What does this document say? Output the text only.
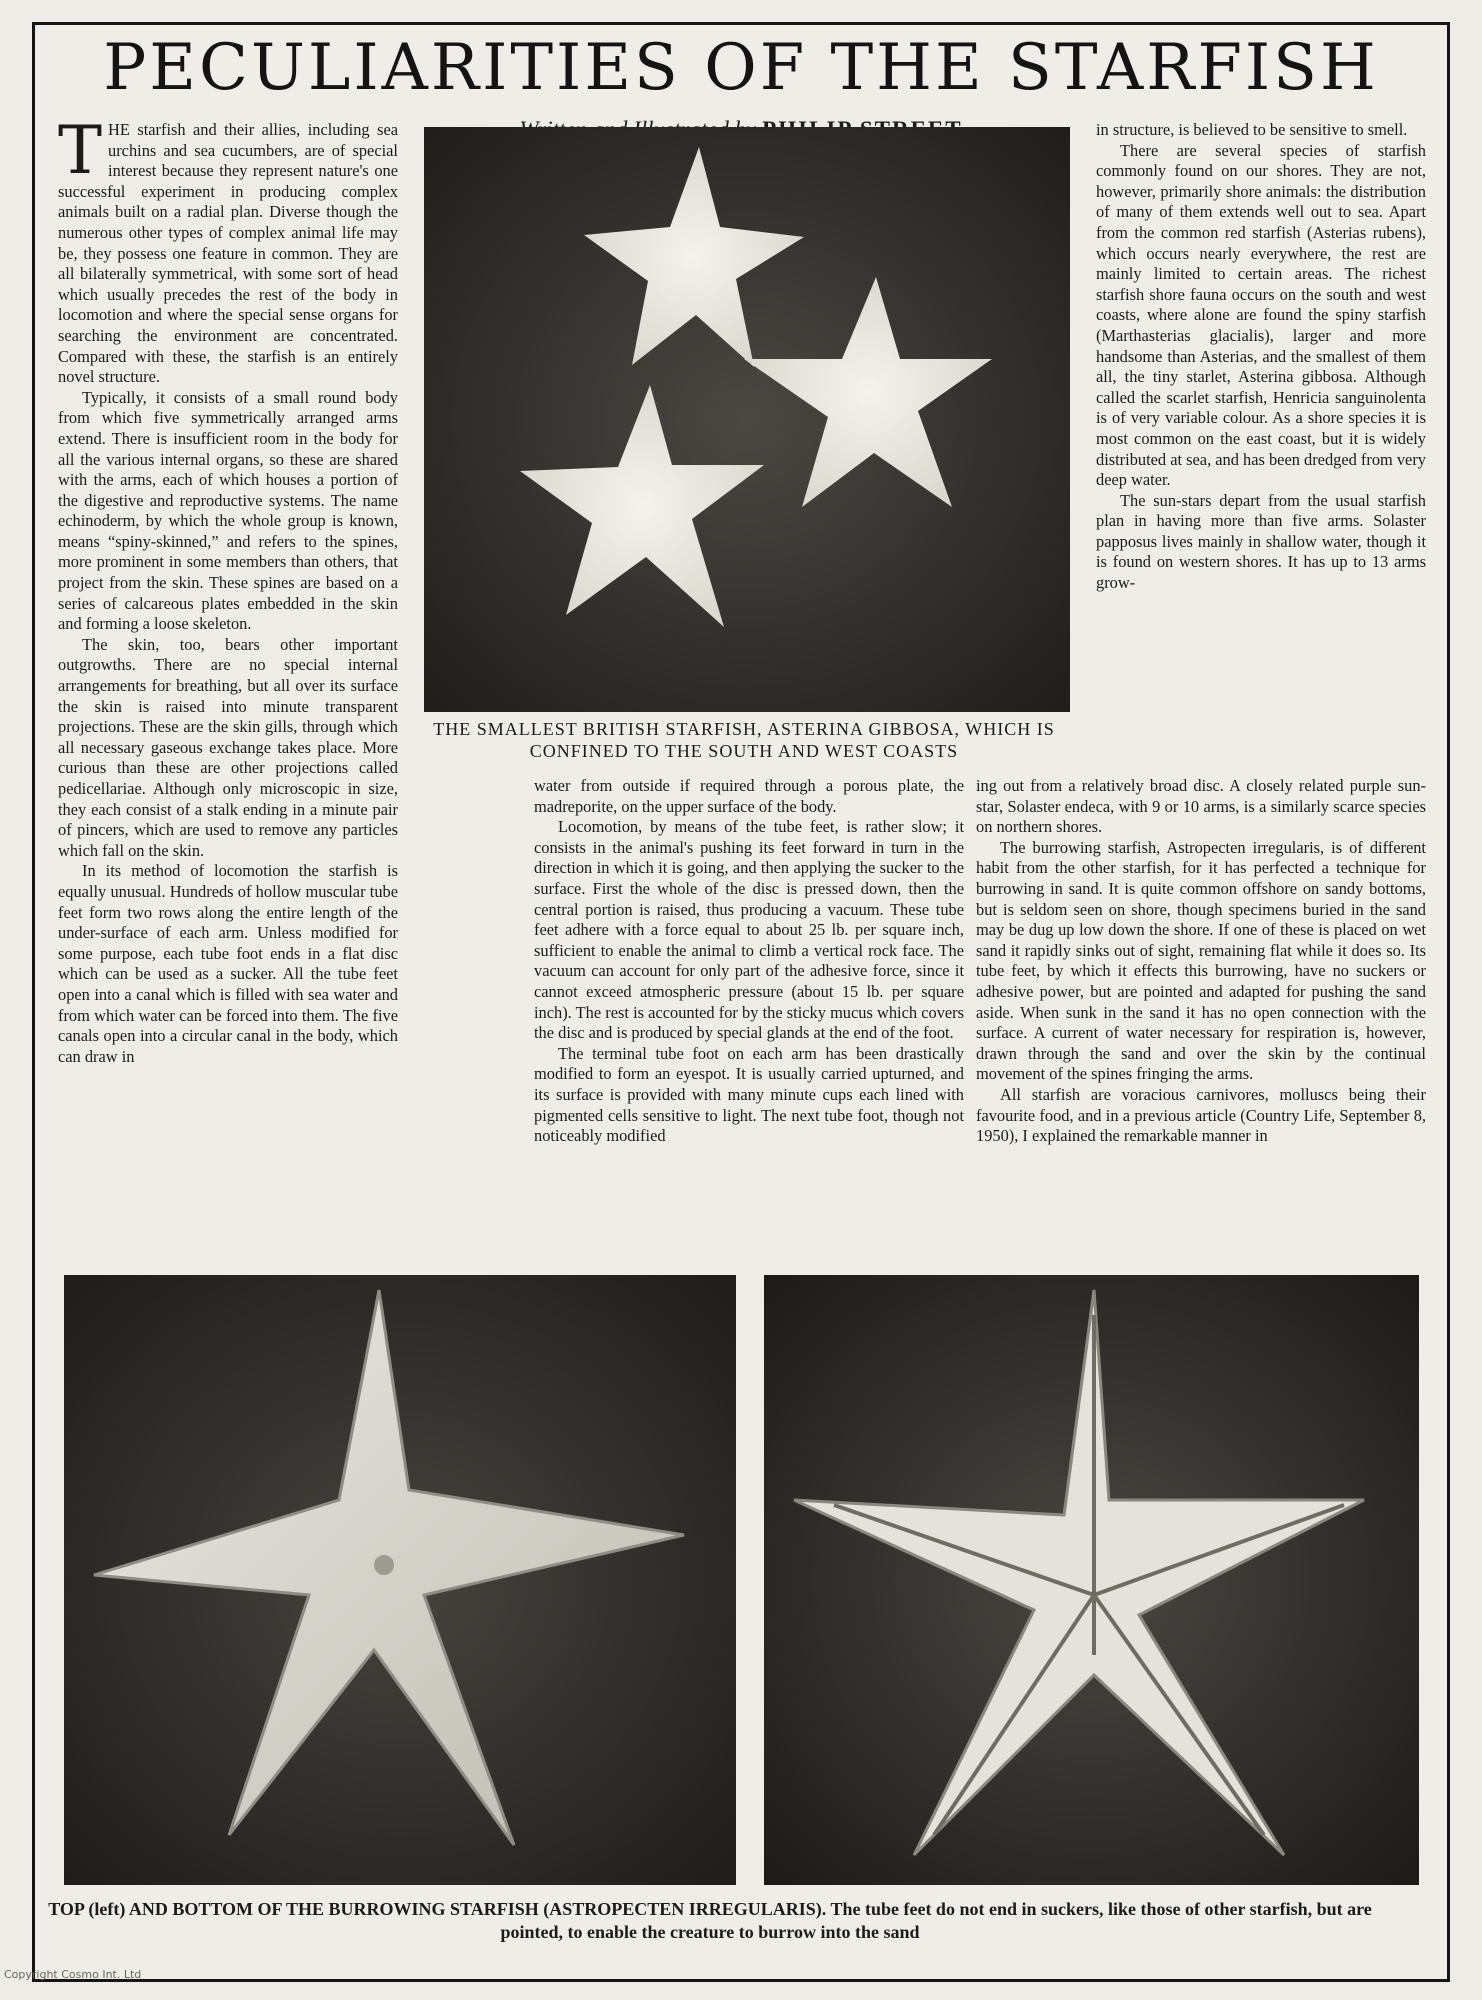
PECULIARITIES OF THE STARFISH

THE starfish and their allies, including sea urchins and sea cucumbers, are of special interest because they represent nature's one successful experiment in producing complex animals built on a radial plan. Diverse though the numerous other types of complex animal life may be, they possess one feature in common. They are all bilaterally symmetrical, with some sort of head which usually precedes the rest of the body in locomotion and where the special sense organs for searching the environment are concentrated. Compared with these, the starfish is an entirely novel structure.

Typically, it consists of a small round body from which five symmetrically arranged arms extend. There is insufficient room in the body for all the various internal organs, so these are shared with the arms, each of which houses a portion of the digestive and reproductive systems. The name echinoderm, by which the whole group is known, means “spiny-skinned,” and refers to the spines, more prominent in some members than others, that project from the skin. These spines are based on a series of calcareous plates embedded in the skin and forming a loose skeleton.

The skin, too, bears other important outgrowths. There are no special internal arrangements for breathing, but all over its surface the skin is raised into minute transparent projections. These are the skin gills, through which all necessary gaseous exchange takes place. More curious than these are other projections called pedicellariae. Although only microscopic in size, they each consist of a stalk ending in a minute pair of pincers, which are used to remove any particles which fall on the skin.

In its method of locomotion the starfish is equally unusual. Hundreds of hollow muscular tube feet form two rows along the entire length of the under-surface of each arm. Unless modified for some purpose, each tube foot ends in a flat disc which can be used as a sucker. All the tube feet open into a canal which is filled with sea water and from which water can be forced into them. The five canals open into a circular canal in the body, which can draw in

THE SMALLEST BRITISH STARFISH, ASTERINA GIBBOSA, WHICH IS CONFINED TO THE SOUTH AND WEST COASTS

water from outside if required through a porous plate, the madreporite, on the upper surface of the body.

Locomotion, by means of the tube feet, is rather slow; it consists in the animal's pushing its feet forward in turn in the direction in which it is going, and then applying the sucker to the surface. First the whole of the disc is pressed down, then the central portion is raised, thus producing a vacuum. These tube feet adhere with a force equal to about 25 lb. per square inch, sufficient to enable the animal to climb a vertical rock face. The vacuum can account for only part of the adhesive force, since it cannot exceed atmospheric pressure (about 15 lb. per square inch). The rest is accounted for by the sticky mucus which covers the disc and is produced by special glands at the end of the foot.

The terminal tube foot on each arm has been drastically modified to form an eyespot. It is usually carried upturned, and its surface is provided with many minute cups each lined with pigmented cells sensitive to light. The next tube foot, though not noticeably modified

in structure, is believed to be sensitive to smell.

There are several species of starfish commonly found on our shores. They are not, however, primarily shore animals: the distribution of many of them extends well out to sea. Apart from the common red starfish (Asterias rubens), which occurs nearly everywhere, the rest are mainly limited to certain areas. The richest starfish shore fauna occurs on the south and west coasts, where alone are found the spiny starfish (Marthasterias glacialis), larger and more handsome than Asterias, and the smallest of them all, the tiny starlet, Asterina gibbosa. Although called the scarlet starfish, Henricia sanguinolenta is of very variable colour. As a shore species it is most common on the east coast, but it is widely distributed at sea, and has been dredged from very deep water.

The sun-stars depart from the usual starfish plan in having more than five arms. Solaster papposus lives mainly in shallow water, though it is found on western shores. It has up to 13 arms grow-

ing out from a relatively broad disc. A closely related purple sun-star, Solaster endeca, with 9 or 10 arms, is a similarly scarce species on northern shores.

The burrowing starfish, Astropecten irregularis, is of different habit from the other starfish, for it has perfected a technique for burrowing in sand. It is quite common offshore on sandy bottoms, but is seldom seen on shore, though specimens buried in the sand may be dug up low down the shore. If one of these is placed on wet sand it rapidly sinks out of sight, remaining flat while it does so. Its tube feet, by which it effects this burrowing, have no suckers or adhesive power, but are pointed and adapted for pushing the sand aside. When sunk in the sand it has no open connection with the surface. A current of water necessary for respiration is, however, drawn through the sand and over the skin by the continual movement of the spines fringing the arms.

All starfish are voracious carnivores, molluscs being their favourite food, and in a previous article (Country Life, September 8, 1950), I explained the remarkable manner in

TOP (left) AND BOTTOM OF THE BURROWING STARFISH (ASTROPECTEN IRREGULARIS). The tube feet do not end in suckers, like those of other starfish, but are pointed, to enable the creature to burrow into the sand
Copyright Cosmo Int. Ltd
